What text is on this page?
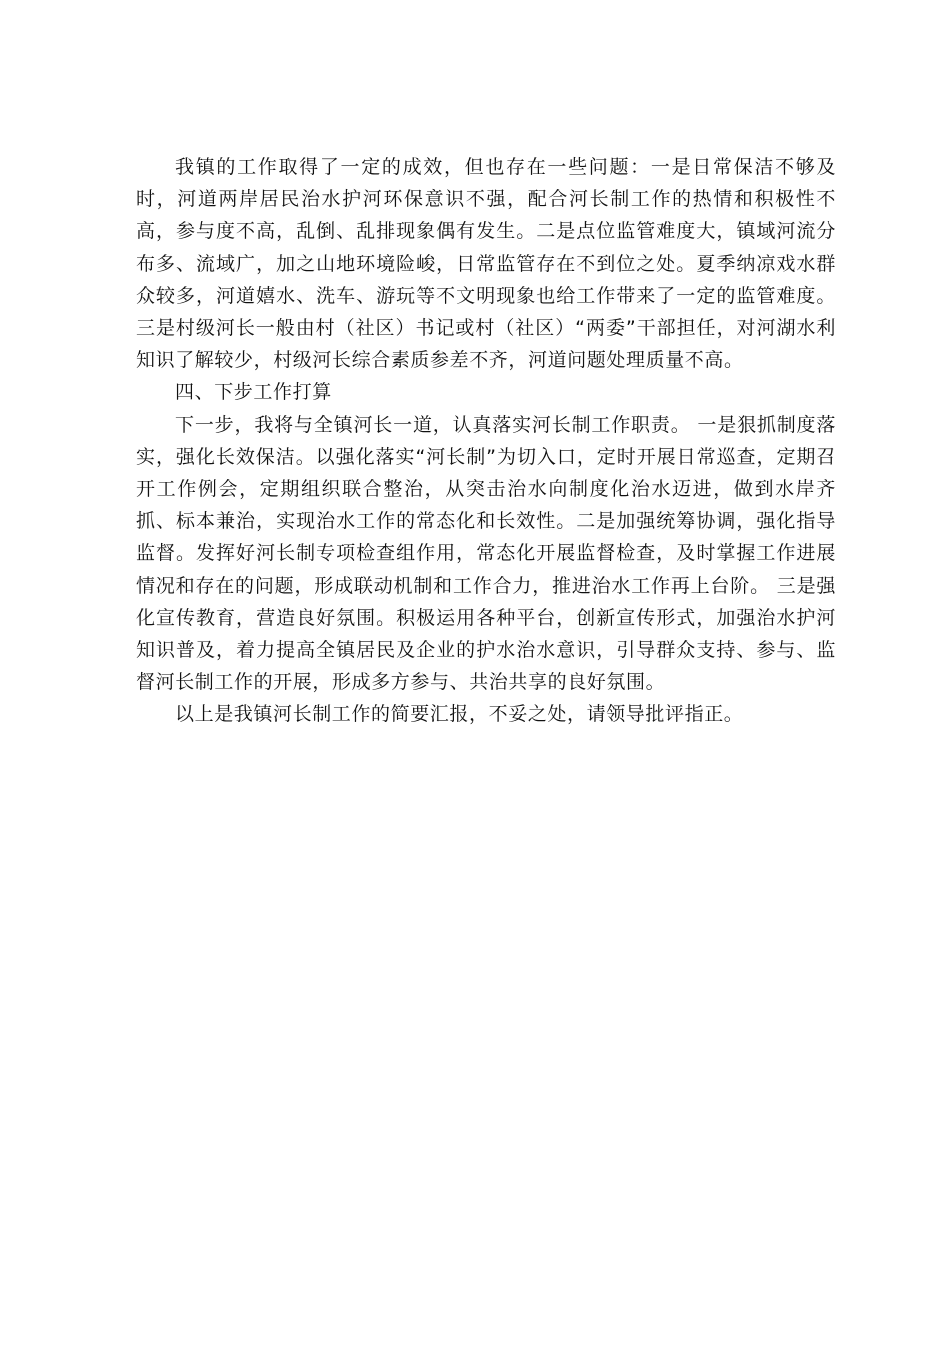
我镇的工作取得了一定的成效，但也存在一些问题：一是日常保洁不够及时，河道两岸居民治水护河环保意识不强，配合河长制工作的热情和积极性不高，参与度不高，乱倒、乱排现象偶有发生。二是点位监管难度大，镇域河流分布多、流域广，加之山地环境险峻，日常监管存在不到位之处。夏季纳凉戏水群众较多，河道嬉水、洗车、游玩等不文明现象也给工作带来了一定的监管难度。 三是村级河长一般由村（社区）书记或村（社区）“两委”干部担任，对河湖水利知识了解较少，村级河长综合素质参差不齐，河道问题处理质量不高。

四、下步工作打算

下一步，我将与全镇河长一道，认真落实河长制工作职责。 一是狠抓制度落实，强化长效保洁。以强化落实“河长制”为切入口，定时开展日常巡查，定期召开工作例会，定期组织联合整治，从突击治水向制度化治水迈进，做到水岸齐抓、标本兼治，实现治水工作的常态化和长效性。二是加强统筹协调，强化指导监督。发挥好河长制专项检查组作用，常态化开展监督检查，及时掌握工作进展情况和存在的问题，形成联动机制和工作合力，推进治水工作再上台阶。 三是强化宣传教育，营造良好氛围。积极运用各种平台，创新宣传形式，加强治水护河知识普及，着力提高全镇居民及企业的护水治水意识，引导群众支持、参与、监督河长制工作的开展，形成多方参与、共治共享的良好氛围。

以上是我镇河长制工作的简要汇报，不妥之处，请领导批评指正。
